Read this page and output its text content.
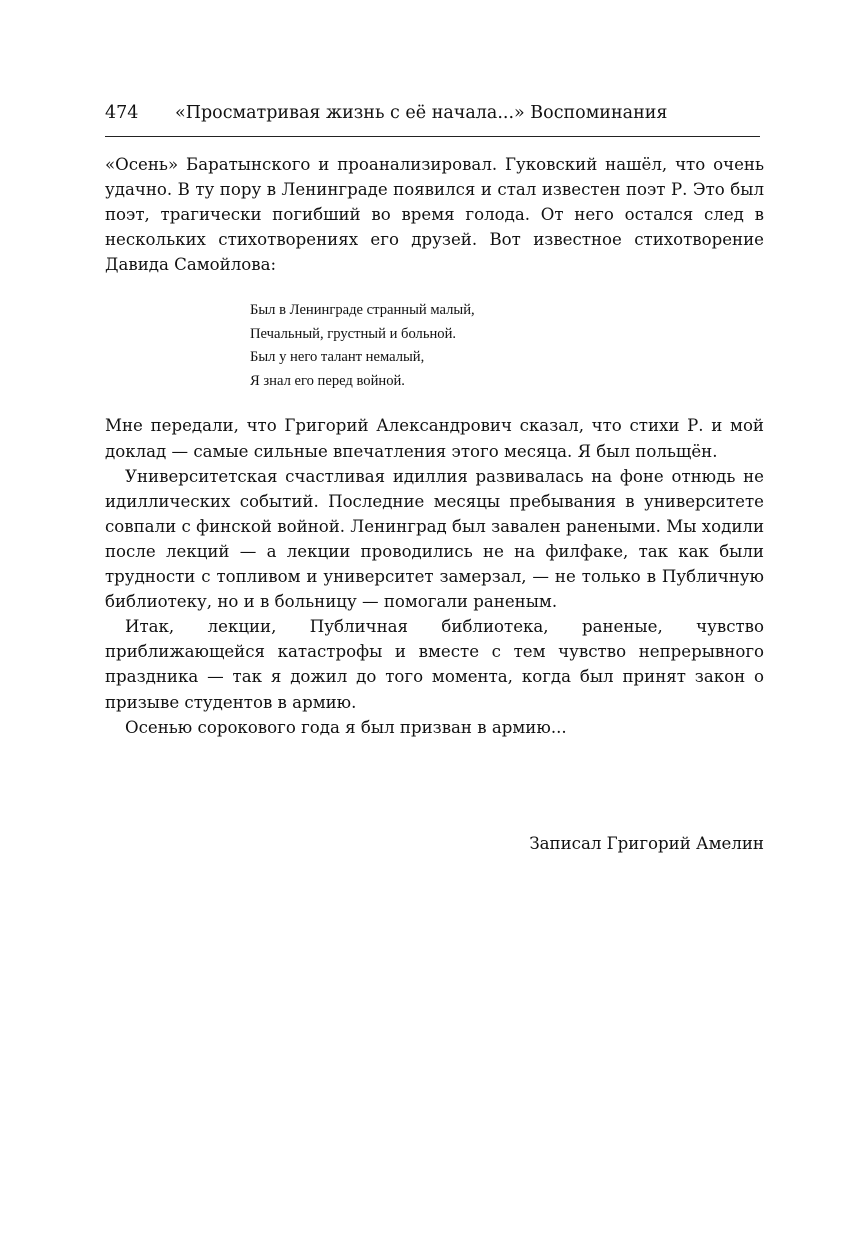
474 «Просматривая жизнь с её начала...» Воспоминания

«Осень» Баратынского и проанализировал. Гуковский нашёл, что очень удачно. В ту пору в Ленинграде появился и стал известен поэт Р. Это был поэт, трагически погибший во время голода. От него остался след в нескольких стихотворениях его друзей. Вот известное стихотворение Давида Самойлова:

Был в Ленинграде странный малый,
Печальный, грустный и больной.
Был у него талант немалый,
Я знал его перед войной.

Мне передали, что Григорий Александрович сказал, что стихи Р. и мой доклад — самые сильные впечатления этого месяца. Я был польщён.

Университетская счастливая идиллия развивалась на фоне отнюдь не идиллических событий. Последние месяцы пребывания в университете совпали с финской войной. Ленинград был завален ранеными. Мы ходили после лекций — а лекции проводились не на филфаке, так как были трудности с топливом и университет замерзал, — не только в Публичную библиотеку, но и в больницу — помогали раненым.

Итак, лекции, Публичная библиотека, раненые, чувство приближающейся катастрофы и вместе с тем чувство непрерывного праздника — так я дожил до того момента, когда был принят закон о призыве студентов в армию.

Осенью сорокового года я был призван в армию...

Записал Григорий Амелин
